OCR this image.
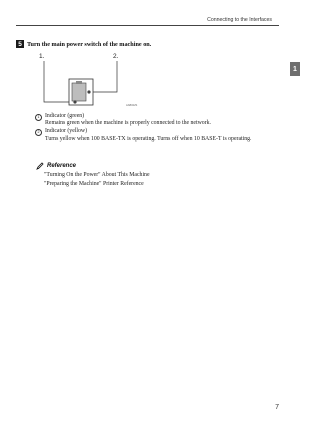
Connecting to the Interfaces
1
5 Turn the main power switch of the machine on.
1.	2.
AAB022S
1 Indicator (green)
Remains green when the machine is properly connected to the network.
2 Indicator (yellow)
Turns yellow when 100 BASE-TX is operating. Turns off when 10 BASE-T is operating.
Reference
"Turning On the Power" About This Machine
"Preparing the Machine" Printer Reference
7
